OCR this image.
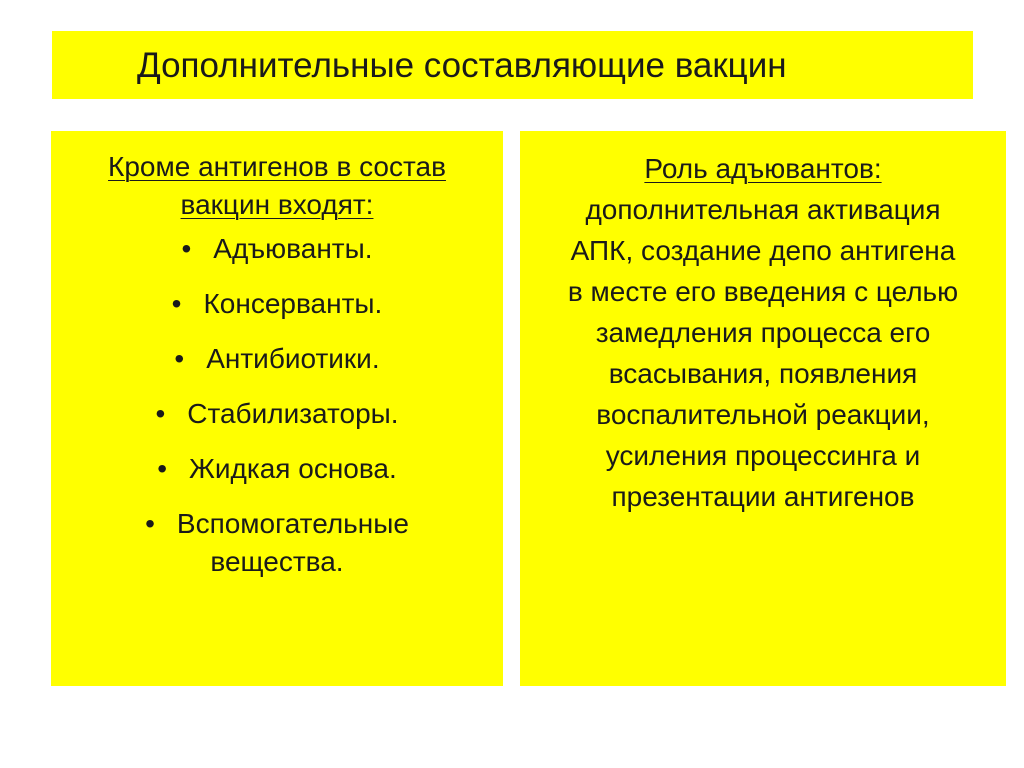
Дополнительные составляющие вакцин
Кроме антигенов в состав
вакцин входят:
• Адъюванты.
• Консерванты.
• Антибиотики.
• Стабилизаторы.
• Жидкая основа.
• Вспомогательные
вещества.
Роль адъювантов:
дополнительная активация
АПК, создание депо антигена
в месте его введения с целью
замедления процесса его
всасывания, появления
воспалительной реакции,
усиления процессинга и
презентации антигенов
